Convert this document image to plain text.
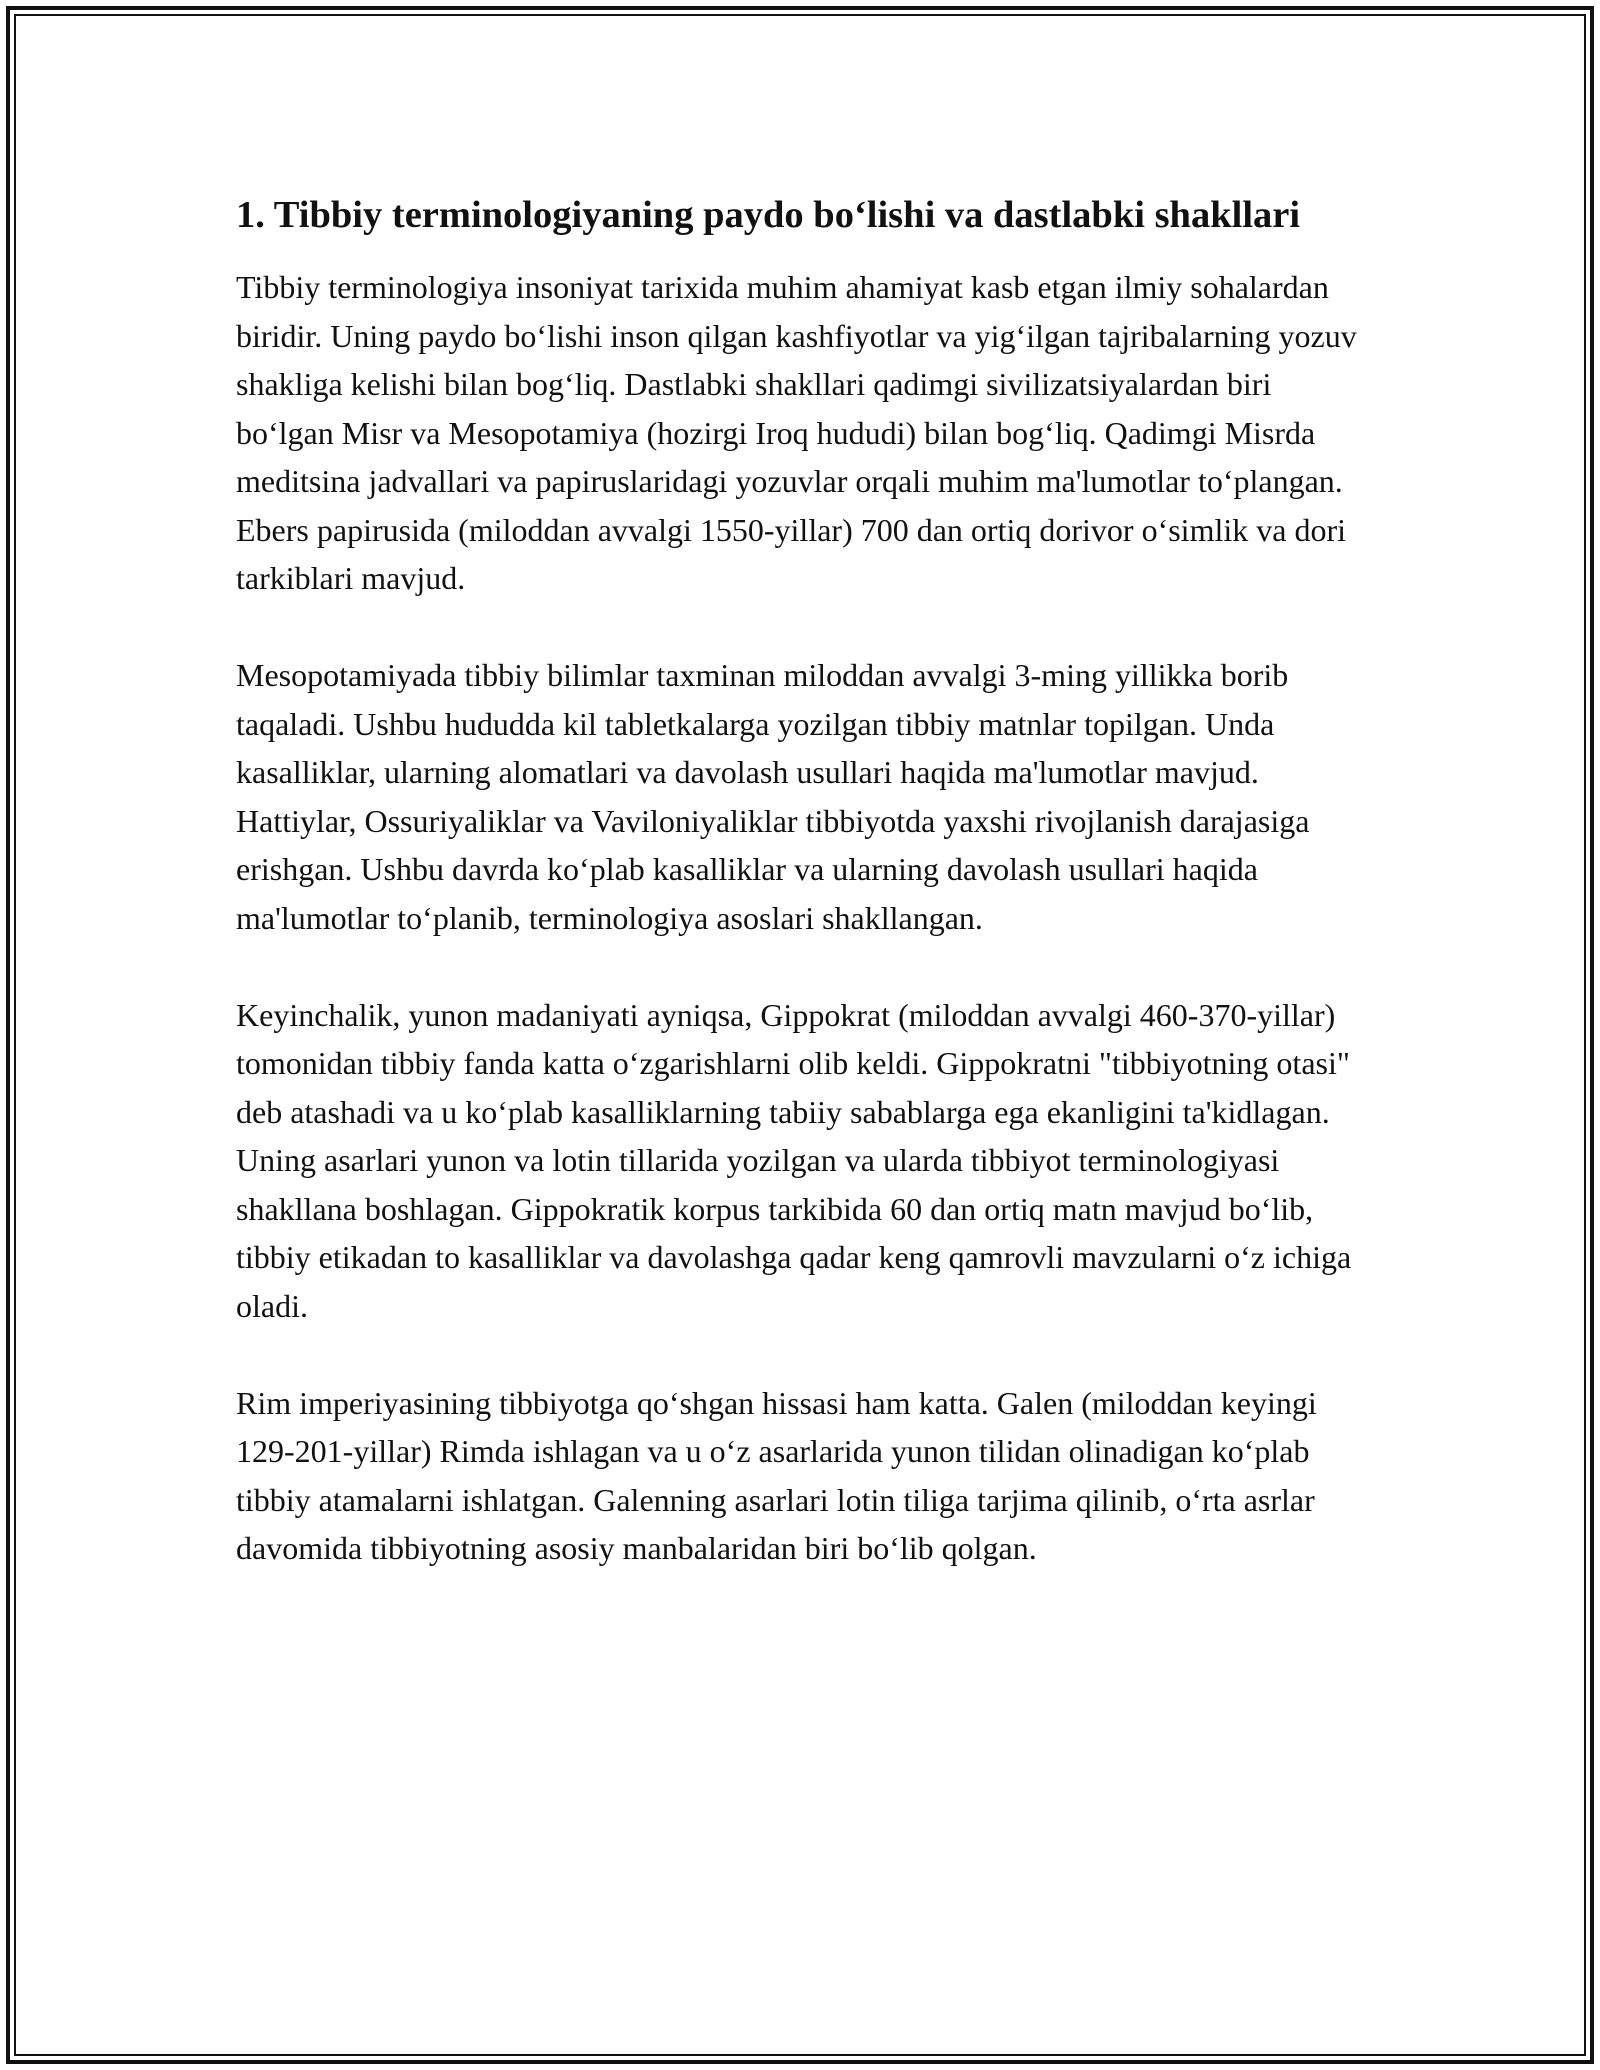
1. Tibbiy terminologiyaning paydo bo‘lishi va dastlabki shakllari

Tibbiy terminologiya insoniyat tarixida muhim ahamiyat kasb etgan ilmiy sohalardan biridir. Uning paydo bo‘lishi inson qilgan kashfiyotlar va yig‘ilgan tajribalarning yozuv shakliga kelishi bilan bog‘liq. Dastlabki shakllari qadimgi sivilizatsiyalardan biri bo‘lgan Misr va Mesopotamiya (hozirgi Iroq hududi) bilan bog‘liq. Qadimgi Misrda meditsina jadvallari va papiruslaridagi yozuvlar orqali muhim ma'lumotlar to‘plangan. Ebers papirusida (miloddan avvalgi 1550-yillar) 700 dan ortiq dorivor o‘simlik va dori tarkiblari mavjud.

Mesopotamiyada tibbiy bilimlar taxminan miloddan avvalgi 3-ming yillikka borib taqaladi. Ushbu hududda kil tabletkalarga yozilgan tibbiy matnlar topilgan. Unda kasalliklar, ularning alomatlari va davolash usullari haqida ma'lumotlar mavjud. Hattiylar, Ossuriyaliklar va Vaviloniyaliklar tibbiyotda yaxshi rivojlanish darajasiga erishgan. Ushbu davrda ko‘plab kasalliklar va ularning davolash usullari haqida ma'lumotlar to‘planib, terminologiya asoslari shakllangan.

Keyinchalik, yunon madaniyati ayniqsa, Gippokrat (miloddan avvalgi 460-370-yillar) tomonidan tibbiy fanda katta o‘zgarishlarni olib keldi. Gippokratni "tibbiyotning otasi" deb atashadi va u ko‘plab kasalliklarning tabiiy sabablarga ega ekanligini ta'kidlagan. Uning asarlari yunon va lotin tillarida yozilgan va ularda tibbiyot terminologiyasi shakllana boshlagan. Gippokratik korpus tarkibida 60 dan ortiq matn mavjud bo‘lib, tibbiy etikadan to kasalliklar va davolashga qadar keng qamrovli mavzularni o‘z ichiga oladi.

Rim imperiyasining tibbiyotga qo‘shgan hissasi ham katta. Galen (miloddan keyingi 129-201-yillar) Rimda ishlagan va u o‘z asarlarida yunon tilidan olinadigan ko‘plab tibbiy atamalarni ishlatgan. Galenning asarlari lotin tiliga tarjima qilinib, o‘rta asrlar davomida tibbiyotning asosiy manbalaridan biri bo‘lib qolgan.
